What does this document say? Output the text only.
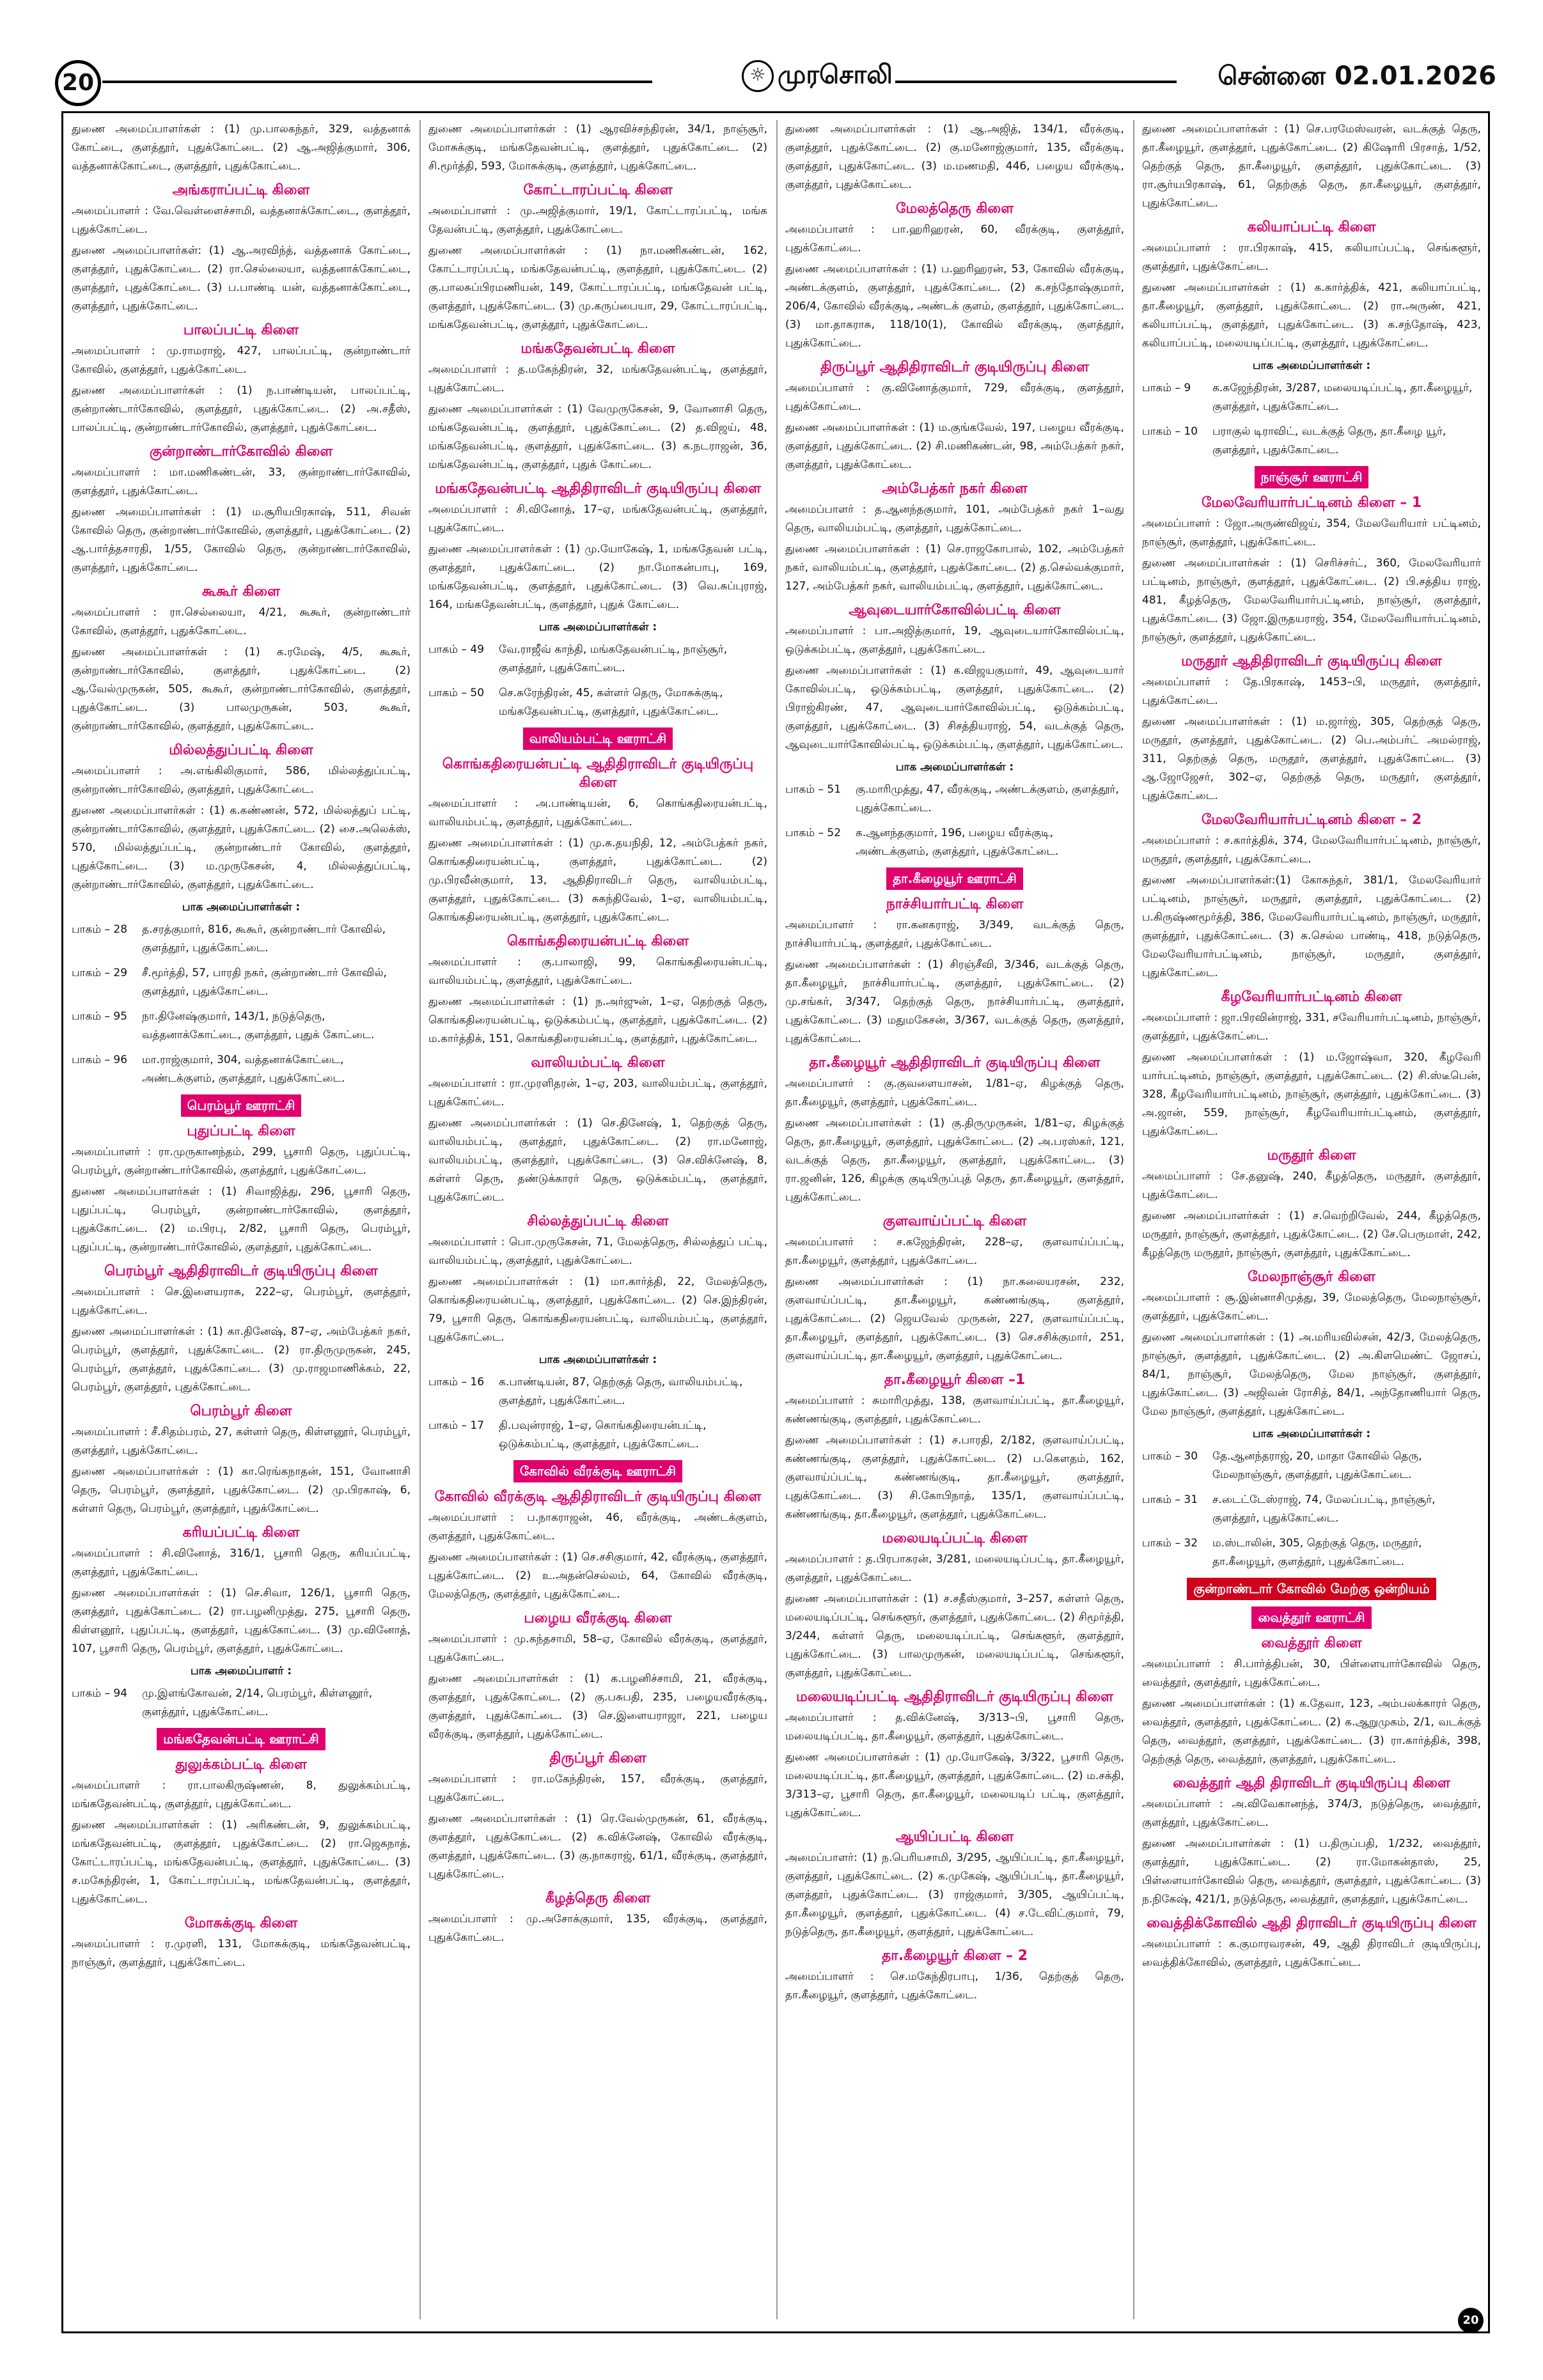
20	☼ முரசொலி	சென்னை 02.01.2026

துணை அமைப்பாளர்கள் : (1) மு.பாலகந்தர், 329, வத்தனாக் கோட்டை, குளத்தூர், புதுக்கோட்டை. (2) ஆ.அஜித்குமார், 306, வத்தனாக்கோட்டை, குளத்தூர், புதுக்கோட்டை.

அங்கராப்பட்டி கிளை

அமைப்பாளர் : வே.வெள்ளைச்சாமி, வத்தனாக்கோட்டை, குளத்தூர், புதுக்கோட்டை.

துணை அமைப்பாளர்கள்: (1) ஆ.அரவிந்த், வத்தனாக் கோட்டை, குளத்தூர், புதுக்கோட்டை. (2) ரா.செல்லையா, வத்தனாக்கோட்டை, குளத்தூர், புதுக்கோட்டை. (3) ப.பாண்டி யன், வத்தனாக்கோட்டை, குளத்தூர், புதுக்கோட்டை.

பாலப்பட்டி கிளை

அமைப்பாளர் : மு.ராமராஜ், 427, பாலப்பட்டி, குன்றாண்டார் கோவில், குளத்தூர், புதுக்கோட்டை.

துணை அமைப்பாளர்கள் : (1) ந.பாண்டியன், பாலப்பட்டி, குன்றாண்டார்கோவில், குளத்தூர், புதுக்கோட்டை. (2) அ.சதீஸ், பாலப்பட்டி, குன்றாண்டார்கோவில், குளத்தூர், புதுக்கோட்டை.

குன்றாண்டார்கோவில் கிளை

அமைப்பாளர் : மா.மணிகண்டன், 33, குன்றாண்டார்கோவில், குளத்தூர், புதுக்கோட்டை.

துணை அமைப்பாளர்கள் : (1) ம.சூரியபிரகாஷ், 511, சிவன் கோவில் தெரு, குன்றாண்டார்கோவில், குளத்தூர், புதுக்கோட்டை. (2) ஆ.பார்த்தசாரதி, 1/55, கோவில் தெரு, குன்றாண்டார்கோவில், குளத்தூர், புதுக்கோட்டை.

கூகூர் கிளை

அமைப்பாளர் : ரா.செல்லையா, 4/21, கூகூர், குன்றாண்டார் கோவில், குளத்தூர், புதுக்கோட்டை.

துணை அமைப்பாளர்கள் : (1) க.ரமேஷ், 4/5, கூகூர், குன்றாண்டார்கோவில், குளத்தூர், புதுக்கோட்டை. (2) ஆ.வேல்முருகன், 505, கூகூர், குன்றாண்டார்கோவில், குளத்தூர், புதுக்கோட்டை. (3) பாலமுருகன், 503, கூகூர், குன்றாண்டார்கோவில், குளத்தூர், புதுக்கோட்டை.

மில்லத்துப்பட்டி கிளை

அமைப்பாளர் : அ.எங்கிலிகுமார், 586, மில்லத்துப்பட்டி, குன்றாண்டார்கோவில், குளத்தூர், புதுக்கோட்டை.

துணை அமைப்பாளர்கள் : (1) க.கண்ணன், 572, மில்லத்துப் பட்டி, குன்றாண்டார்கோவில், குளத்தூர், புதுக்கோட்டை. (2) சை.அலெக்ஸ், 570, மில்லத்துப்பட்டி, குன்றாண்டார் கோவில், குளத்தூர், புதுக்கோட்டை. (3) ம.முருகேசன், 4, மில்லத்துப்பட்டி, குன்றாண்டார்கோவில், குளத்தூர், புதுக்கோட்டை.

பாக அமைப்பாளர்கள் :
பாகம் – 28	த.சரத்குமார், 816, கூகூர், குன்றாண்டார் கோவில், குளத்தூர், புதுக்கோட்டை.
பாகம் – 29	சீ.மூர்த்தி, 57, பாரதி நகர், குன்றாண்டார் கோவில், குளத்தூர், புதுக்கோட்டை.
பாகம் – 95	நா.தினேஷ்குமார், 143/1, நடுத்தெரு, வத்தனாக்கோட்டை, குளத்தூர், புதுக் கோட்டை.
பாகம் – 96	மா.ராஜ்குமார், 304, வத்தனாக்கோட்டை, அண்டக்குளம், குளத்தூர், புதுக்கோட்டை.
பெரம்பூர் ஊராட்சி
புதுப்பட்டி கிளை

அமைப்பாளர் : ரா.முருகானந்தம், 299, பூசாரி தெரு, புதுப்பட்டி, பெரம்பூர், குன்றாண்டார்கோவில், குளத்தூர், புதுக்கோட்டை.

துணை அமைப்பாளர்கள் : (1) சிவாஜித்து, 296, பூசாரி தெரு, புதுப்பட்டி, பெரம்பூர், குன்றாண்டார்கோவில், குளத்தூர், புதுக்கோட்டை. (2) ம.பிரபு, 2/82, பூசாரி தெரு, பெரம்பூர், புதுப்பட்டி, குன்றாண்டார்கோவில், குளத்தூர், புதுக்கோட்டை.

பெரம்பூர் ஆதிதிராவிடர் குடியிருப்பு கிளை

அமைப்பாளர் : செ.இளையராசு, 222–ஏ, பெரம்பூர், குளத்தூர், புதுக்கோட்டை.

துணை அமைப்பாளர்கள் : (1) கா.தினேஷ், 87–ஏ, அம்பேத்கர் நகர், பெரம்பூர், குளத்தூர், புதுக்கோட்டை. (2) ரா.திருமுருகன், 245, பெரம்பூர், குளத்தூர், புதுக்கோட்டை. (3) மு.ராஜமாணிக்கம், 22, பெரம்பூர், குளத்தூர், புதுக்கோட்டை.

பெரம்பூர் கிளை

அமைப்பாளர் : சீ.சிதம்பரம், 27, கள்ளர் தெரு, கிள்ளனூர், பெரம்பூர், குளத்தூர், புதுக்கோட்டை.

துணை அமைப்பாளர்கள் : (1) கா.ரெங்கநாதன், 151, வோனாசி தெரு, பெரம்பூர், குளத்தூர், புதுக்கோட்டை. (2) மு.பிரகாஷ், 6, கள்ளர் தெரு, பெரம்பூர், குளத்தூர், புதுக்கோட்டை.

கரியப்பட்டி கிளை

அமைப்பாளர் : சி.வினோத், 316/1, பூசாரி தெரு, கரியப்பட்டி, குளத்தூர், புதுக்கோட்டை.

துணை அமைப்பாளர்கள் : (1) செ.சிவா, 126/1, பூசாரி தெரு, குளத்தூர், புதுக்கோட்டை. (2) ரா.பழனிமுத்து, 275, பூசாரி தெரு, கிள்ளனூர், புதுப்பட்டி, குளத்தூர், புதுக்கோட்டை. (3) மு.வினோத், 107, பூசாரி தெரு, பெரம்பூர், குளத்தூர், புதுக்கோட்டை.

பாக அமைப்பாளர் :
பாகம் – 94	மு.இளங்கோவன், 2/14, பெரம்பூர், கிள்ளனூர், குளத்தூர், புதுக்கோட்டை.
மங்கதேவன்பட்டி ஊராட்சி
துலுக்கம்பட்டி கிளை

அமைப்பாளர் : ரா.பாலகிருஷ்ணன், 8, துலுக்கம்பட்டி, மங்கதேவன்பட்டி, குளத்தூர், புதுக்கோட்டை.

துணை அமைப்பாளர்கள் : (1) அரிகண்டன், 9, துலுக்கம்பட்டி, மங்கதேவன்பட்டி, குளத்தூர், புதுக்கோட்டை. (2) ரா.ஜெகநாத், கோட்டாரப்பட்டி, மங்கதேவன்பட்டி, குளத்தூர், புதுக்கோட்டை. (3) ச.மகேந்திரன், 1, கோட்டாரப்பட்டி, மங்கதேவன்பட்டி, குளத்தூர், புதுக்கோட்டை.

மோசுக்குடி கிளை

அமைப்பாளர் : ர.முரளி, 131, மோசுக்குடி, மங்கதேவன்பட்டி, நாஞ்சூர், குளத்தூர், புதுக்கோட்டை.

துணை அமைப்பாளர்கள் : (1) ஆரவிச்சந்திரன், 34/1, நாஞ்சூர், மோசுக்குடி, மங்கதேவன்பட்டி, குளத்தூர், புதுக்கோட்டை. (2) சி.மூர்த்தி, 593, மோசுக்குடி, குளத்தூர், புதுக்கோட்டை.

கோட்டாரப்பட்டி கிளை

அமைப்பாளர் : மு.அஜித்குமார், 19/1, கோட்டாரப்பட்டி, மங்க தேவன்பட்டி, குளத்தூர், புதுக்கோட்டை.

துணை அமைப்பாளர்கள் : (1) நா.மணிகண்டன், 162, கோட்டாரப்பட்டி, மங்கதேவன்பட்டி, குளத்தூர், புதுக்கோட்டை. (2) கு.பாலசுப்பிரமணியன், 149, கோட்டாரப்பட்டி, மங்கதேவன் பட்டி, குளத்தூர், புதுக்கோட்டை. (3) மு.கருப்பையா, 29, கோட்டாரப்பட்டி, மங்கதேவன்பட்டி, குளத்தூர், புதுக்கோட்டை.

மங்கதேவன்பட்டி கிளை

அமைப்பாளர் : த.மகேந்திரன், 32, மங்கதேவன்பட்டி, குளத்தூர், புதுக்கோட்டை.

துணை அமைப்பாளர்கள் : (1) வேமுருகேசன், 9, வோனாசி தெரு, மங்கதேவன்பட்டி, குளத்தூர், புதுக்கோட்டை. (2) த.விஜய், 48, மங்கதேவன்பட்டி, குளத்தூர், புதுக்கோட்டை. (3) க.நடராஜன், 36, மங்கதேவன்பட்டி, குளத்தூர், புதுக் கோட்டை.

மங்கதேவன்பட்டி ஆதிதிராவிடர் குடியிருப்பு கிளை

அமைப்பாளர் : சி.வினோத், 17–ஏ, மங்கதேவன்பட்டி, குளத்தூர், புதுக்கோட்டை.

துணை அமைப்பாளர்கள் : (1) மு.யோகேஷ், 1, மங்கதேவன் பட்டி, குளத்தூர், புதுக்கோட்டை. (2) நா.மோகன்பாபு, 169, மங்கதேவன்பட்டி, குளத்தூர், புதுக்கோட்டை. (3) வெ.சுப்புராஜ், 164, மங்கதேவன்பட்டி, குளத்தூர், புதுக் கோட்டை.

பாக அமைப்பாளர்கள் :
பாகம் – 49	வே.ராஜீவ் காந்தி, மங்கதேவன்பட்டி, நாஞ்சூர், குளத்தூர், புதுக்கோட்டை.
பாகம் – 50	செ.சுரேந்திரன், 45, கள்ளர் தெரு, மோசுக்குடி, மங்கதேவன்பட்டி, குளத்தூர், புதுக்கோட்டை.
வாலியம்பட்டி ஊராட்சி
கொங்கதிரையன்பட்டி ஆதிதிராவிடர் குடியிருப்பு கிளை

அமைப்பாளர் : அ.பாண்டியன், 6, கொங்கதிரையன்பட்டி, வாலியம்பட்டி, குளத்தூர், புதுக்கோட்டை.

துணை அமைப்பாளர்கள் : (1) மு.க.தயநிதி, 12, அம்பேத்கர் நகர், கொங்கதிரையன்பட்டி, குளத்தூர், புதுக்கோட்டை. (2) மு.பிரவீன்குமார், 13, ஆதிதிராவிடர் தெரு, வாலியம்பட்டி, குளத்தூர், புதுக்கோட்டை. (3) சுகந்திவேல், 1–ஏ, வாலியம்பட்டி, கொங்கதிரையன்பட்டி, குளத்தூர், புதுக்கோட்டை.

கொங்கதிரையன்பட்டி கிளை

அமைப்பாளர் : கு.பாலாஜி, 99, கொங்கதிரையன்பட்டி, வாலியம்பட்டி, குளத்தூர், புதுக்கோட்டை.

துணை அமைப்பாளர்கள் : (1) ந.அர்ஜுன், 1–ஏ, தெற்குத் தெரு, கொங்கதிரையன்பட்டி, ஒடுக்கம்பட்டி, குளத்தூர், புதுக்கோட்டை. (2) ம.கார்த்திக், 151, கொங்கதிரையன்பட்டி, குளத்தூர், புதுக்கோட்டை.

வாலியம்பட்டி கிளை

அமைப்பாளர் : ரா.முரளிதரன், 1–ஏ, 203, வாலியம்பட்டி, குளத்தூர், புதுக்கோட்டை.

துணை அமைப்பாளர்கள் : (1) செ.தினேஷ், 1, தெற்குத் தெரு, வாலியம்பட்டி, குளத்தூர், புதுக்கோட்டை. (2) ரா.மனோஜ், வாலியம்பட்டி, குளத்தூர், புதுக்கோட்டை. (3) செ.விக்னேஷ், 8, கள்ளர் தெரு, தண்டுக்காரர் தெரு, ஒடுக்கம்பட்டி, குளத்தூர், புதுக்கோட்டை.

சில்லத்துப்பட்டி கிளை

அமைப்பாளர் : பொ.முருகேசன், 71, மேலத்தெரு, சில்லத்துப் பட்டி, வாலியம்பட்டி, குளத்தூர், புதுக்கோட்டை.

துணை அமைப்பாளர்கள் : (1) மா.கார்த்தி, 22, மேலத்தெரு, கொங்கதிரையன்பட்டி, குளத்தூர், புதுக்கோட்டை. (2) செ.இந்திரன், 79, பூசாரி தெரு, கொங்கதிரையன்பட்டி, வாலியம்பட்டி, குளத்தூர், புதுக்கோட்டை.

பாக அமைப்பாளர்கள் :
பாகம் – 16	க.பாண்டியன், 87, தெற்குத் தெரு, வாலியம்பட்டி, குளத்தூர், புதுக்கோட்டை.
பாகம் – 17	தி.பவுன்ராஜ், 1–ஏ, கொங்கதிரையன்பட்டி, ஒடுக்கம்பட்டி, குளத்தூர், புதுக்கோட்டை.
கோவில் வீரக்குடி ஊராட்சி
கோவில் வீரக்குடி ஆதிதிராவிடர் குடியிருப்பு கிளை

அமைப்பாளர் : ப.நாகராஜன், 46, வீரக்குடி, அண்டக்குளம், குளத்தூர், புதுக்கோட்டை.

துணை அமைப்பாளர்கள் : (1) செ.சசிகுமார், 42, வீரக்குடி, குளத்தூர், புதுக்கோட்டை. (2) உ.அதன்செல்லம், 64, கோவில் வீரக்குடி, மேலத்தெரு, குளத்தூர், புதுக்கோட்டை.

பழைய வீரக்குடி கிளை

அமைப்பாளர் : மு.கந்தசாமி, 58–ஏ, கோவில் வீரக்குடி, குளத்தூர், புதுக்கோட்டை.

துணை அமைப்பாளர்கள் : (1) க.பழனிச்சாமி, 21, வீரக்குடி, குளத்தூர், புதுக்கோட்டை. (2) கு.பசுபதி, 235, பழையவீரக்குடி, குளத்தூர், புதுக்கோட்டை. (3) செ.இளையராஜா, 221, பழைய வீரக்குடி, குளத்தூர், புதுக்கோட்டை.

திருப்பூர் கிளை

அமைப்பாளர் : ரா.மகேந்திரன், 157, வீரக்குடி, குளத்தூர், புதுக்கோட்டை.

துணை அமைப்பாளர்கள் : (1) ரெ.வேல்முருகன், 61, வீரக்குடி, குளத்தூர், புதுக்கோட்டை. (2) க.விக்னேஷ், கோவில் வீரக்குடி, குளத்தூர், புதுக்கோட்டை. (3) கு.நாகராஜ், 61/1, வீரக்குடி, குளத்தூர், புதுக்கோட்டை.

கீழத்தெரு கிளை

அமைப்பாளர் : மு.அசோக்குமார், 135, வீரக்குடி, குளத்தூர், புதுக்கோட்டை.

துணை அமைப்பாளர்கள் : (1) ஆ.அஜித், 134/1, வீரக்குடி, குளத்தூர், புதுக்கோட்டை. (2) கு.மனோஜ்குமார், 135, வீரக்குடி, குளத்தூர், புதுக்கோட்டை. (3) ம.மணமதி, 446, பழைய வீரக்குடி, குளத்தூர், புதுக்கோட்டை.

மேலத்தெரு கிளை

அமைப்பாளர் : பா.ஹரிஹரன், 60, வீரக்குடி, குளத்தூர், புதுக்கோட்டை.

துணை அமைப்பாளர்கள் : (1) ப.ஹரிஹரன், 53, கோவில் வீரக்குடி, அண்டக்குளம், குளத்தூர், புதுக்கோட்டை. (2) க.சந்தோஷ்குமார், 206/4, கோவில் வீரக்குடி, அண்டக் குளம், குளத்தூர், புதுக்கோட்டை. (3) மா.தாகராசு, 118/10(1), கோவில் வீரக்குடி, குளத்தூர், புதுக்கோட்டை.

திருப்பூர் ஆதிதிராவிடர் குடியிருப்பு கிளை

அமைப்பாளர் : கு.வினோத்குமார், 729, வீரக்குடி, குளத்தூர், புதுக்கோட்டை.

துணை அமைப்பாளர்கள் : (1) ம.குங்கவேல், 197, பழைய வீரக்குடி, குளத்தூர், புதுக்கோட்டை. (2) சி.மணிகண்டன், 98, அம்பேத்கர் நகர், குளத்தூர், புதுக்கோட்டை.

அம்பேத்கர் நகர் கிளை

அமைப்பாளர் : த.ஆனந்தகுமார், 101, அம்பேத்கர் நகர் 1–வது தெரு, வாலியம்பட்டி, குளத்தூர், புதுக்கோட்டை.

துணை அமைப்பாளர்கள் : (1) செ.ராஜகோபால், 102, அம்பேத்கர் நகர், வாலியம்பட்டி, குளத்தூர், புதுக்கோட்டை. (2) த.செல்வக்குமார், 127, அம்பேத்கர் நகர், வாலியம்பட்டி, குளத்தூர், புதுக்கோட்டை.

ஆவுடையார்கோவில்பட்டி கிளை

அமைப்பாளர் : பா.அஜித்குமார், 19, ஆவுடையார்கோவில்பட்டி, ஒடுக்கம்பட்டி, குளத்தூர், புதுக்கோட்டை.

துணை அமைப்பாளர்கள் : (1) க.விஜயகுமார், 49, ஆவுடையார் கோவில்பட்டி, ஒடுக்கம்பட்டி, குளத்தூர், புதுக்கோட்டை. (2) பிராஜ்கிரண், 47, ஆவுடையார்கோவில்பட்டி, ஒடுக்கம்பட்டி, குளத்தூர், புதுக்கோட்டை. (3) சிசத்தியராஜ், 54, வடக்குத் தெரு, ஆவுடையார்கோவில்பட்டி, ஒடுக்கம்பட்டி, குளத்தூர், புதுக்கோட்டை.

பாக அமைப்பாளர்கள் :
பாகம் – 51	கு.மாரிமுத்து, 47, வீரக்குடி, அண்டக்குளம், குளத்தூர், புதுக்கோட்டை.
பாகம் – 52	க.ஆனந்தகுமார், 196, பழைய வீரக்குடி, அண்டக்குளம், குளத்தூர், புதுக்கோட்டை.
தா.கீழையூர் ஊராட்சி
நாச்சியார்பட்டி கிளை

அமைப்பாளர் : ரா.கனகராஜ், 3/349, வடக்குத் தெரு, நாச்சியார்பட்டி, குளத்தூர், புதுக்கோட்டை.

துணை அமைப்பாளர்கள் : (1) சிரஞ்சீவி, 3/346, வடக்குத் தெரு, தா.கீழையூர், நாச்சியார்பட்டி, குளத்தூர், புதுக்கோட்டை. (2) மு.சங்கர், 3/347, தெற்குத் தெரு, நாச்சியார்பட்டி, குளத்தூர், புதுக்கோட்டை. (3) மதுமகேசன், 3/367, வடக்குத் தெரு, குளத்தூர், புதுக்கோட்டை.

தா.கீழையூர் ஆதிதிராவிடர் குடியிருப்பு கிளை

அமைப்பாளர் : கு.குவளையாசன், 1/81–ஏ, கிழக்குத் தெரு, தா.கீழையூர், குளத்தூர், புதுக்கோட்டை.

துணை அமைப்பாளர்கள் : (1) கு.திருமுருகன், 1/81–ஏ, கிழக்குத் தெரு, தா.கீழையூர், குளத்தூர், புதுக்கோட்டை. (2) அ.பரஸ்கர், 121, வடக்குத் தெரு, தா.கீழையூர், குளத்தூர், புதுக்கோட்டை. (3) ரா.ஜனின், 126, கிழக்கு குடியிருப்புத் தெரு, தா.கீழையூர், குளத்தூர், புதுக்கோட்டை.

குளவாய்ப்பட்டி கிளை

அமைப்பாளர் : ச.கஜேந்திரன், 228–ஏ, குளவாய்ப்பட்டி, தா.கீழையூர், குளத்தூர், புதுக்கோட்டை.

துணை அமைப்பாளர்கள் : (1) நா.கலையரசன், 232, குளவாய்ப்பட்டி, தா.கீழையூர், கண்ணங்குடி, குளத்தூர், புதுக்கோட்டை. (2) ஜெயவேல் முருகன், 227, குளவாய்ப்பட்டி, தா.கீழையூர், குளத்தூர், புதுக்கோட்டை. (3) செ.சசிக்குமார், 251, குளவாய்ப்பட்டி, தா.கீழையூர், குளத்தூர், புதுக்கோட்டை.

தா.கீழையூர் கிளை –1

அமைப்பாளர் : சுமாரிமுத்து, 138, குளவாய்ப்பட்டி, தா.கீழையூர், கண்ணங்குடி, குளத்தூர், புதுக்கோட்டை.

துணை அமைப்பாளர்கள் : (1) ச.பாரதி, 2/182, குளவாய்ப்பட்டி, கண்ணங்குடி, குளத்தூர், புதுக்கோட்டை. (2) ப.கௌதம், 162, குளவாய்ப்பட்டி, கண்ணங்குடி, தா.கீழையூர், குளத்தூர், புதுக்கோட்டை. (3) சி.கோபிநாத், 135/1, குளவாய்ப்பட்டி, கண்ணங்குடி, தா.கீழையூர், குளத்தூர், புதுக்கோட்டை.

மலையடிப்பட்டி கிளை

அமைப்பாளர் : த.பிரபாகரன், 3/281, மலையடிப்பட்டி, தா.கீழையூர், குளத்தூர், புதுக்கோட்டை.

துணை அமைப்பாளர்கள் : (1) ச.சதீஸ்குமார், 3–257, கள்ளர் தெரு, மலையடிப்பட்டி, செங்களூர், குளத்தூர், புதுக்கோட்டை. (2) சிமூர்த்தி, 3/244, கள்ளர் தெரு, மலையடிப்பட்டி, செங்களூர், குளத்தூர், புதுக்கோட்டை. (3) பாலமுருகன், மலையடிப்பட்டி, செங்களூர், குளத்தூர், புதுக்கோட்டை.

மலையடிப்பட்டி ஆதிதிராவிடர் குடியிருப்பு கிளை

அமைப்பாளர் : த.விக்னேஷ், 3/313–பி, பூசாரி தெரு, மலையடிப்பட்டி, தா.கீழையூர், குளத்தூர், புதுக்கோட்டை.

துணை அமைப்பாளர்கள் : (1) மு.யோகேஷ், 3/322, பூசாரி தெரு, மலையடிப்பட்டி, தா.கீழையூர், குளத்தூர், புதுக்கோட்டை. (2) ம.சக்தி, 3/313–ஏ, பூசாரி தெரு, தா.கீழையூர், மலையடிப் பட்டி, குளத்தூர், புதுக்கோட்டை.

ஆயிப்பட்டி கிளை

அமைப்பாளர்: (1) ந.பெரியசாமி, 3/295, ஆயிப்பட்டி, தா.கீழையூர், குளத்தூர், புதுக்கோட்டை. (2) க.முகேஷ், ஆயிப்பட்டி, தா.கீழையூர், குளத்தூர், புதுக்கோட்டை. (3) ராஜ்குமார், 3/305, ஆயிப்பட்டி, தா.கீழையூர், குளத்தூர், புதுக்கோட்டை. (4) ச.டேவிட்குமார், 79, நடுத்தெரு, தா.கீழையூர், குளத்தூர், புதுக்கோட்டை.

தா.கீழையூர் கிளை – 2

அமைப்பாளர் : செ.மகேந்திரபாபு, 1/36, தெற்குத் தெரு, தா.கீழையூர், குளத்தூர், புதுக்கோட்டை.

துணை அமைப்பாளர்கள் : (1) செ.பரமேஸ்வரன், வடக்குத் தெரு, தா.கீழையூர், குளத்தூர், புதுக்கோட்டை. (2) கிஷோரி பிரசாத், 1/52, தெற்குத் தெரு, தா.கீழையூர், குளத்தூர், புதுக்கோட்டை. (3) ரா.சூர்யபிரகாஷ், 61, தெற்குத் தெரு, தா.கீழையூர், குளத்தூர், புதுக்கோட்டை.

கலியாப்பட்டி கிளை

அமைப்பாளர் : ரா.பிரகாஷ், 415, கலியாப்பட்டி, செங்களூர், குளத்தூர், புதுக்கோட்டை.

துணை அமைப்பாளர்கள் : (1) க.கார்த்திக், 421, கலியாப்பட்டி, தா.கீழையூர், குளத்தூர், புதுக்கோட்டை. (2) ரா.அருண், 421, கலியாப்பட்டி, குளத்தூர், புதுக்கோட்டை. (3) க.சந்தோஷ், 423, கலியாப்பட்டி, மலையடிப்பட்டி, குளத்தூர், புதுக்கோட்டை.

பாக அமைப்பாளர்கள் :
பாகம் – 9	க.கஜேந்திரன், 3/287, மலையடிப்பட்டி, தா.கீழையூர், குளத்தூர், புதுக்கோட்டை.
பாகம் – 10	பராகுல் டிராவிட், வடக்குத் தெரு, தா.கீழை யூர், குளத்தூர், புதுக்கோட்டை.
நாஞ்சூர் ஊராட்சி
மேலவேரியார்பட்டினம் கிளை – 1

அமைப்பாளர் : ஜோ.அருண்விஜய், 354, மேலவேரியார் பட்டினம், நாஞ்சூர், குளத்தூர், புதுக்கோட்டை.

துணை அமைப்பாளர்கள் : (1) செரிச்சர்ட், 360, மேலவேரியார் பட்டினம், நாஞ்சூர், குளத்தூர், புதுக்கோட்டை. (2) பி.சத்திய ராஜ், 481, கீழத்தெரு, மேலவேரியார்பட்டினம், நாஞ்சூர், குளத்தூர், புதுக்கோட்டை. (3) ஜோ.இருதயராஜ், 354, மேலவேரியார்பட்டினம், நாஞ்சூர், குளத்தூர், புதுக்கோட்டை.

மருதூர் ஆதிதிராவிடர் குடியிருப்பு கிளை

அமைப்பாளர் : தே.பிரகாஷ், 1453–பி, மருதூர், குளத்தூர், புதுக்கோட்டை.

துணை அமைப்பாளர்கள் : (1) ம.ஜார்ஜ், 305, தெற்குத் தெரு, மருதூர், குளத்தூர், புதுக்கோட்டை. (2) பெ.அம்பர்ட் அமல்ராஜ், 311, தெற்குத் தெரு, மருதூர், குளத்தூர், புதுக்கோட்டை. (3) ஆ.ஜோஜேசர், 302–ஏ, தெற்குத் தெரு, மருதூர், குளத்தூர், புதுக்கோட்டை.

மேலவேரியார்பட்டினம் கிளை – 2

அமைப்பாளர் : ச.கார்த்திக், 374, மேலவேரியார்பட்டினம், நாஞ்சூர், மருதூர், குளத்தூர், புதுக்கோட்டை.

துணை அமைப்பாளர்கள்:(1) கோசுந்தர், 381/1, மேலவேரியார் பட்டினம், நாஞ்சூர், மருதூர், குளத்தூர், புதுக்கோட்டை. (2) ப.கிருஷ்ணமூர்த்தி, 386, மேலவேரியார்பட்டினம், நாஞ்சூர், மருதூர், குளத்தூர், புதுக்கோட்டை. (3) க.செல்ல பாண்டி, 418, நடுத்தெரு, மேலவேரியார்பட்டினம், நாஞ்சூர், மருதூர், குளத்தூர், புதுக்கோட்டை.

கீழவேரியார்பட்டினம் கிளை

அமைப்பாளர் : ஜா.பிரவின்ராஜ், 331, சவேரியார்பட்டினம், நாஞ்சூர், குளத்தூர், புதுக்கோட்டை.

துணை அமைப்பாளர்கள் : (1) ம.ஜோஷ்வா, 320, கீழவேரி யார்பட்டினம், நாஞ்சூர், குளத்தூர், புதுக்கோட்டை. (2) சி.ஸ்டீபென், 328, கீழவேரியார்பட்டினம், நாஞ்சூர், குளத்தூர், புதுக்கோட்டை. (3) அ.ஜான், 559, நாஞ்சூர், கீழவேரியார்பட்டினம், குளத்தூர், புதுக்கோட்டை.

மருதூர் கிளை

அமைப்பாளர் : சே.தனுஷ், 240, கீழத்தெரு, மருதூர், குளத்தூர், புதுக்கோட்டை.

துணை அமைப்பாளர்கள் : (1) ச.வெற்றிவேல், 244, கீழத்தெரு, மருதூர், நாஞ்சூர், குளத்தூர், புதுக்கோட்டை. (2) சே.பெருமாள், 242, கீழத்தெரு மருதூர், நாஞ்சூர், குளத்தூர், புதுக்கோட்டை.

மேலநாஞ்சூர் கிளை

அமைப்பாளர் : சூ.இன்னாசிமுத்து, 39, மேலத்தெரு, மேலநாஞ்சூர், குளத்தூர், புதுக்கோட்டை.

துணை அமைப்பாளர்கள் : (1) அ.மரியவில்சன், 42/3, மேலத்தெரு, நாஞ்சூர், குளத்தூர், புதுக்கோட்டை. (2) அ.கிளமெண்ட் ஜோசப், 84/1, நாஞ்சூர், மேலத்தெரு, மேல நாஞ்சூர், குளத்தூர், புதுக்கோட்டை. (3) அஜிவன் ரோசித், 84/1, அந்தோணியார் தெரு, மேல நாஞ்சூர், குளத்தூர், புதுக்கோட்டை.

பாக அமைப்பாளர்கள் :
பாகம் – 30	தே.ஆனந்தராஜ், 20, மாதா கோவில் தெரு, மேலநாஞ்சூர், குளத்தூர், புதுக்கோட்டை.
பாகம் – 31	ச.டைட்டேஸ்ராஜ், 74, மேலப்பட்டி, நாஞ்சூர், குளத்தூர், புதுக்கோட்டை.
பாகம் – 32	ம.ஸ்டாலின், 305, தெற்குத் தெரு, மருதூர், தா.கீழையூர், குளத்தூர், புதுக்கோட்டை.
குன்றாண்டார் கோவில் மேற்கு ஒன்றியம்
வைத்தூர் ஊராட்சி
வைத்தூர் கிளை

அமைப்பாளர் : சி.பார்த்திபன், 30, பிள்ளையார்கோவில் தெரு, வைத்தூர், குளத்தூர், புதுக்கோட்டை.

துணை அமைப்பாளர்கள் : (1) க.தேவா, 123, அம்பலக்காரர் தெரு, வைத்தூர், குளத்தூர், புதுக்கோட்டை. (2) க.ஆறுமுகம், 2/1, வடக்குத் தெரு, வைத்தூர், குளத்தூர், புதுக்கோட்டை. (3) ரா.கார்த்திக், 398, தெற்குத் தெரு, வைத்தூர், குளத்தூர், புதுக்கோட்டை.

வைத்தூர் ஆதி திராவிடர் குடியிருப்பு கிளை

அமைப்பாளர் : அ.விவேகானந்த், 374/3, நடுத்தெரு, வைத்தூர், குளத்தூர், புதுக்கோட்டை.

துணை அமைப்பாளர்கள் : (1) ப.திருப்பதி, 1/232, வைத்தூர், குளத்தூர், புதுக்கோட்டை. (2) ரா.மோகன்தாஸ், 25, பிள்ளையார்கோவில் தெரு, வைத்தூர், குளத்தூர், புதுக்கோட்டை. (3) ந.நிகேஷ், 421/1, நடுத்தெரு, வைத்தூர், குளத்தூர், புதுக்கோட்டை.

வைத்திக்கோவில் ஆதி திராவிடர் குடியிருப்பு கிளை

அமைப்பாளர் : க.குமாரவரசன், 49, ஆதி திராவிடர் குடியிருப்பு, வைத்திக்கோவில், குளத்தூர், புதுக்கோட்டை.

20
